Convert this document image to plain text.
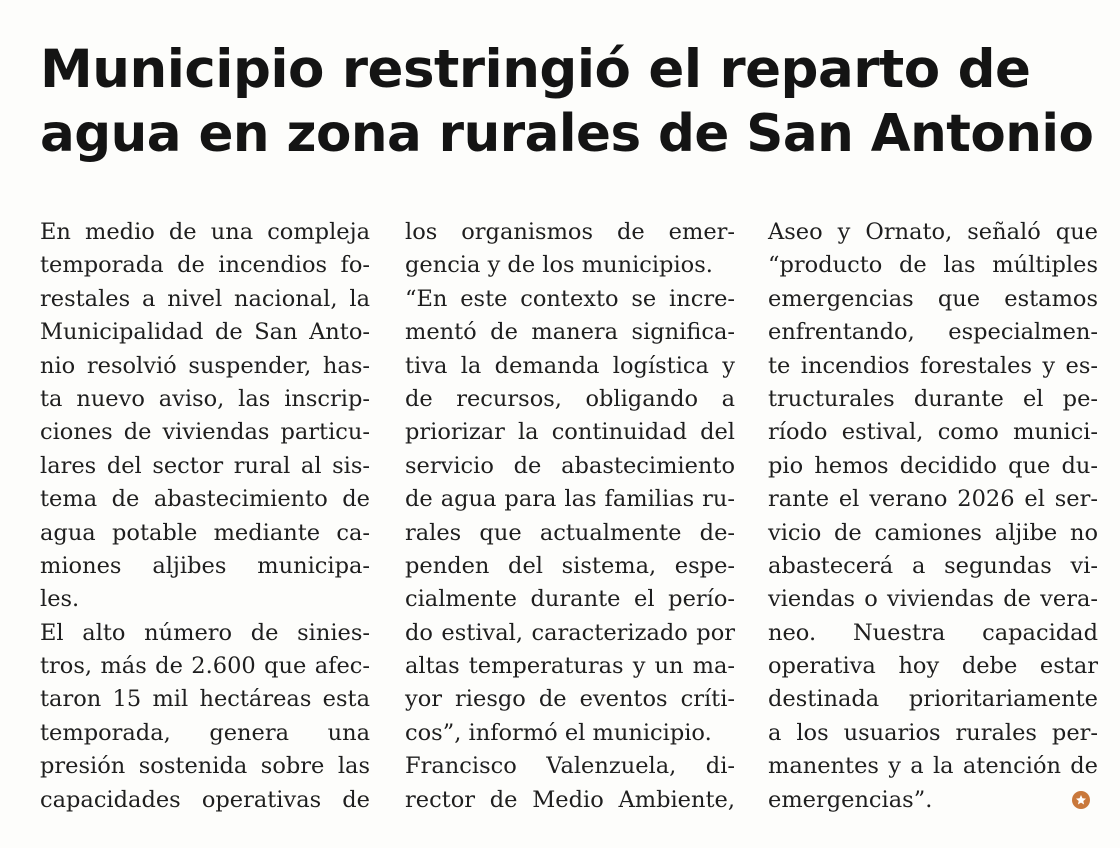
Municipio restringió el reparto de
agua en zona rurales de San Antonio
En medio de una compleja
temporada de incendios fo-
restales a nivel nacional, la
Municipalidad de San Anto-
nio resolvió suspender, has-
ta nuevo aviso, las inscrip-
ciones de viviendas particu-
lares del sector rural al sis-
tema de abastecimiento de
agua potable mediante ca-
miones aljibes municipa-
les.
El alto número de sinies-
tros, más de 2.600 que afec-
taron 15 mil hectáreas esta
temporada, genera una
presión sostenida sobre las
capacidades operativas de
los organismos de emer-
gencia y de los municipios.
“En este contexto se incre-
mentó de manera significa-
tiva la demanda logística y
de recursos, obligando a
priorizar la continuidad del
servicio de abastecimiento
de agua para las familias ru-
rales que actualmente de-
penden del sistema, espe-
cialmente durante el perío-
do estival, caracterizado por
altas temperaturas y un ma-
yor riesgo de eventos críti-
cos”, informó el municipio.
Francisco Valenzuela, di-
rector de Medio Ambiente,
Aseo y Ornato, señaló que
“producto de las múltiples
emergencias que estamos
enfrentando, especialmen-
te incendios forestales y es-
tructurales durante el pe-
ríodo estival, como munici-
pio hemos decidido que du-
rante el verano 2026 el ser-
vicio de camiones aljibe no
abastecerá a segundas vi-
viendas o viviendas de vera-
neo. Nuestra capacidad
operativa hoy debe estar
destinada prioritariamente
a los usuarios rurales per-
manentes y a la atención de
emergencias”.
